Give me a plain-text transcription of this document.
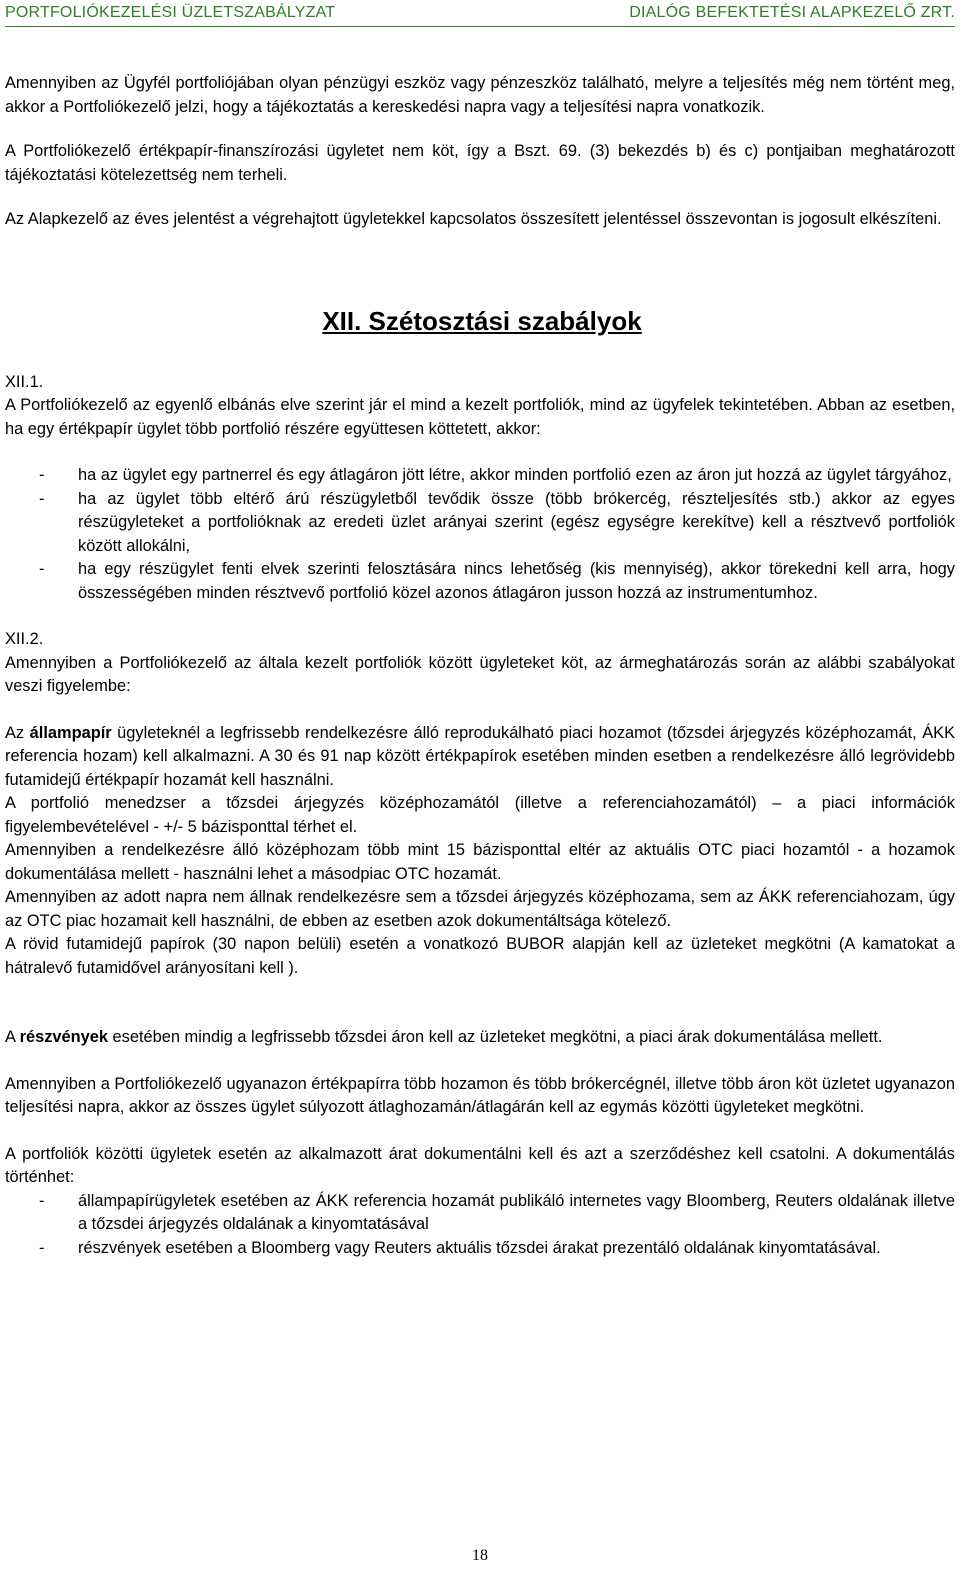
PORTFOLIÓKEZELÉSI ÜZLETSZABÁLYZAT	DIALÓG BEFEKTETÉSI ALAPKEZELŐ ZRT.

Amennyiben az Ügyfél portfoliójában olyan pénzügyi eszköz vagy pénzeszköz található, melyre a teljesítés még nem történt meg, akkor a Portfoliókezelő jelzi, hogy a tájékoztatás a kereskedési napra vagy a teljesítési napra vonatkozik.

A Portfoliókezelő értékpapír-finanszírozási ügyletet nem köt, így a Bszt. 69. (3) bekezdés b) és c) pontjaiban meghatározott tájékoztatási kötelezettség nem terheli.

Az Alapkezelő az éves jelentést a végrehajtott ügyletekkel kapcsolatos összesített jelentéssel összevontan is jogosult elkészíteni.

XII. Szétosztási szabályok

XII.1.

A Portfoliókezelő az egyenlő elbánás elve szerint jár el mind a kezelt portfoliók, mind az ügyfelek tekintetében. Abban az esetben, ha egy értékpapír ügylet több portfolió részére együttesen köttetett, akkor:

- ha az ügylet egy partnerrel és egy átlagáron jött létre, akkor minden portfolió ezen az áron jut hozzá az ügylet tárgyához,
- ha az ügylet több eltérő árú részügyletből tevődik össze (több brókercég, részteljesítés stb.) akkor az egyes részügyleteket a portfolióknak az eredeti üzlet arányai szerint (egész egységre kerekítve) kell a résztvevő portfoliók között allokálni,
- ha egy részügylet fenti elvek szerinti felosztására nincs lehetőség (kis mennyiség), akkor törekedni kell arra, hogy összességében minden résztvevő portfolió közel azonos átlagáron jusson hozzá az instrumentumhoz.

XII.2.

Amennyiben a Portfoliókezelő az általa kezelt portfoliók között ügyleteket köt, az ármeghatározás során az alábbi szabályokat veszi figyelembe:

Az állampapír ügyleteknél a legfrissebb rendelkezésre álló reprodukálható piaci hozamot (tőzsdei árjegyzés középhozamát, ÁKK referencia hozam) kell alkalmazni. A 30 és 91 nap között értékpapírok esetében minden esetben a rendelkezésre álló legrövidebb futamidejű értékpapír hozamát kell használni.

A portfolió menedzser a tőzsdei árjegyzés középhozamától (illetve a referenciahozamától) – a piaci információk figyelembevételével - +/- 5 bázisponttal térhet el.

Amennyiben a rendelkezésre álló középhozam több mint 15 bázisponttal eltér az aktuális OTC piaci hozamtól - a hozamok dokumentálása mellett - használni lehet a másodpiac OTC hozamát.

Amennyiben az adott napra nem állnak rendelkezésre sem a tőzsdei árjegyzés középhozama, sem az ÁKK referenciahozam, úgy az OTC piac hozamait kell használni, de ebben az esetben azok dokumentáltsága kötelező.

A rövid futamidejű papírok (30 napon belüli) esetén a vonatkozó BUBOR alapján kell az üzleteket megkötni (A kamatokat a hátralevő futamidővel arányosítani kell ).

A részvények esetében mindig a legfrissebb tőzsdei áron kell az üzleteket megkötni, a piaci árak dokumentálása mellett.

Amennyiben a Portfoliókezelő ugyanazon értékpapírra több hozamon és több brókercégnél, illetve több áron köt üzletet ugyanazon teljesítési napra, akkor az összes ügylet súlyozott átlaghozamán/átlagárán kell az egymás közötti ügyleteket megkötni.

A portfoliók közötti ügyletek esetén az alkalmazott árat dokumentálni kell és azt a szerződéshez kell csatolni. A dokumentálás történhet:

- állampapírügyletek esetében az ÁKK referencia hozamát publikáló internetes vagy Bloomberg, Reuters oldalának illetve a tőzsdei árjegyzés oldalának a kinyomtatásával
- részvények esetében a Bloomberg vagy Reuters aktuális tőzsdei árakat prezentáló oldalának kinyomtatásával.
18
